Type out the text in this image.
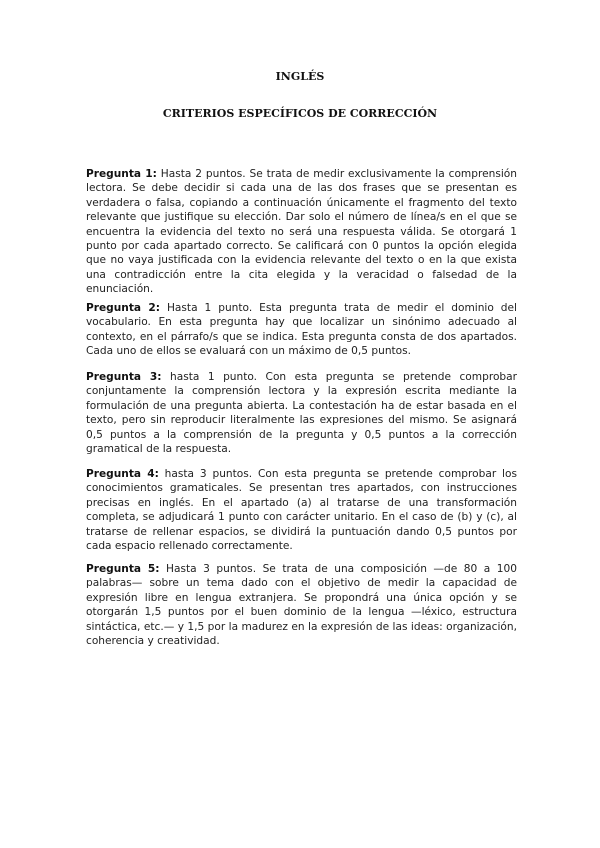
INGLÉS
CRITERIOS ESPECÍFICOS DE CORRECCIÓN

Pregunta 1: Hasta 2 puntos. Se trata de medir exclusivamente la comprensión lectora. Se debe decidir si cada una de las dos frases que se presentan es verdadera o falsa, copiando a continuación únicamente el fragmento del texto relevante que justifique su elección. Dar solo el número de línea/s en el que se encuentra la evidencia del texto no será una respuesta válida. Se otorgará 1 punto por cada apartado correcto. Se calificará con 0 puntos la opción elegida que no vaya justificada con la evidencia relevante del texto o en la que exista una contradicción entre la cita elegida y la veracidad o falsedad de la enunciación.

Pregunta 2: Hasta 1 punto. Esta pregunta trata de medir el dominio del vocabulario. En esta pregunta hay que localizar un sinónimo adecuado al contexto, en el párrafo/s que se indica. Esta pregunta consta de dos apartados. Cada uno de ellos se evaluará con un máximo de 0,5 puntos.

Pregunta 3: hasta 1 punto. Con esta pregunta se pretende comprobar conjuntamente la comprensión lectora y la expresión escrita mediante la formulación de una pregunta abierta. La contestación ha de estar basada en el texto, pero sin reproducir literalmente las expresiones del mismo. Se asignará 0,5 puntos a la comprensión de la pregunta y 0,5 puntos a la corrección gramatical de la respuesta.

Pregunta 4: hasta 3 puntos. Con esta pregunta se pretende comprobar los conocimientos gramaticales. Se presentan tres apartados, con instrucciones precisas en inglés. En el apartado (a) al tratarse de una transformación completa, se adjudicará 1 punto con carácter unitario. En el caso de (b) y (c), al tratarse de rellenar espacios, se dividirá la puntuación dando 0,5 puntos por cada espacio rellenado correctamente.

Pregunta 5: Hasta 3 puntos. Se trata de una composición —de 80 a 100 palabras— sobre un tema dado con el objetivo de medir la capacidad de expresión libre en lengua extranjera. Se propondrá una única opción y se otorgarán 1,5 puntos por el buen dominio de la lengua —léxico, estructura sintáctica, etc.— y 1,5 por la madurez en la expresión de las ideas: organización, coherencia y creatividad.
